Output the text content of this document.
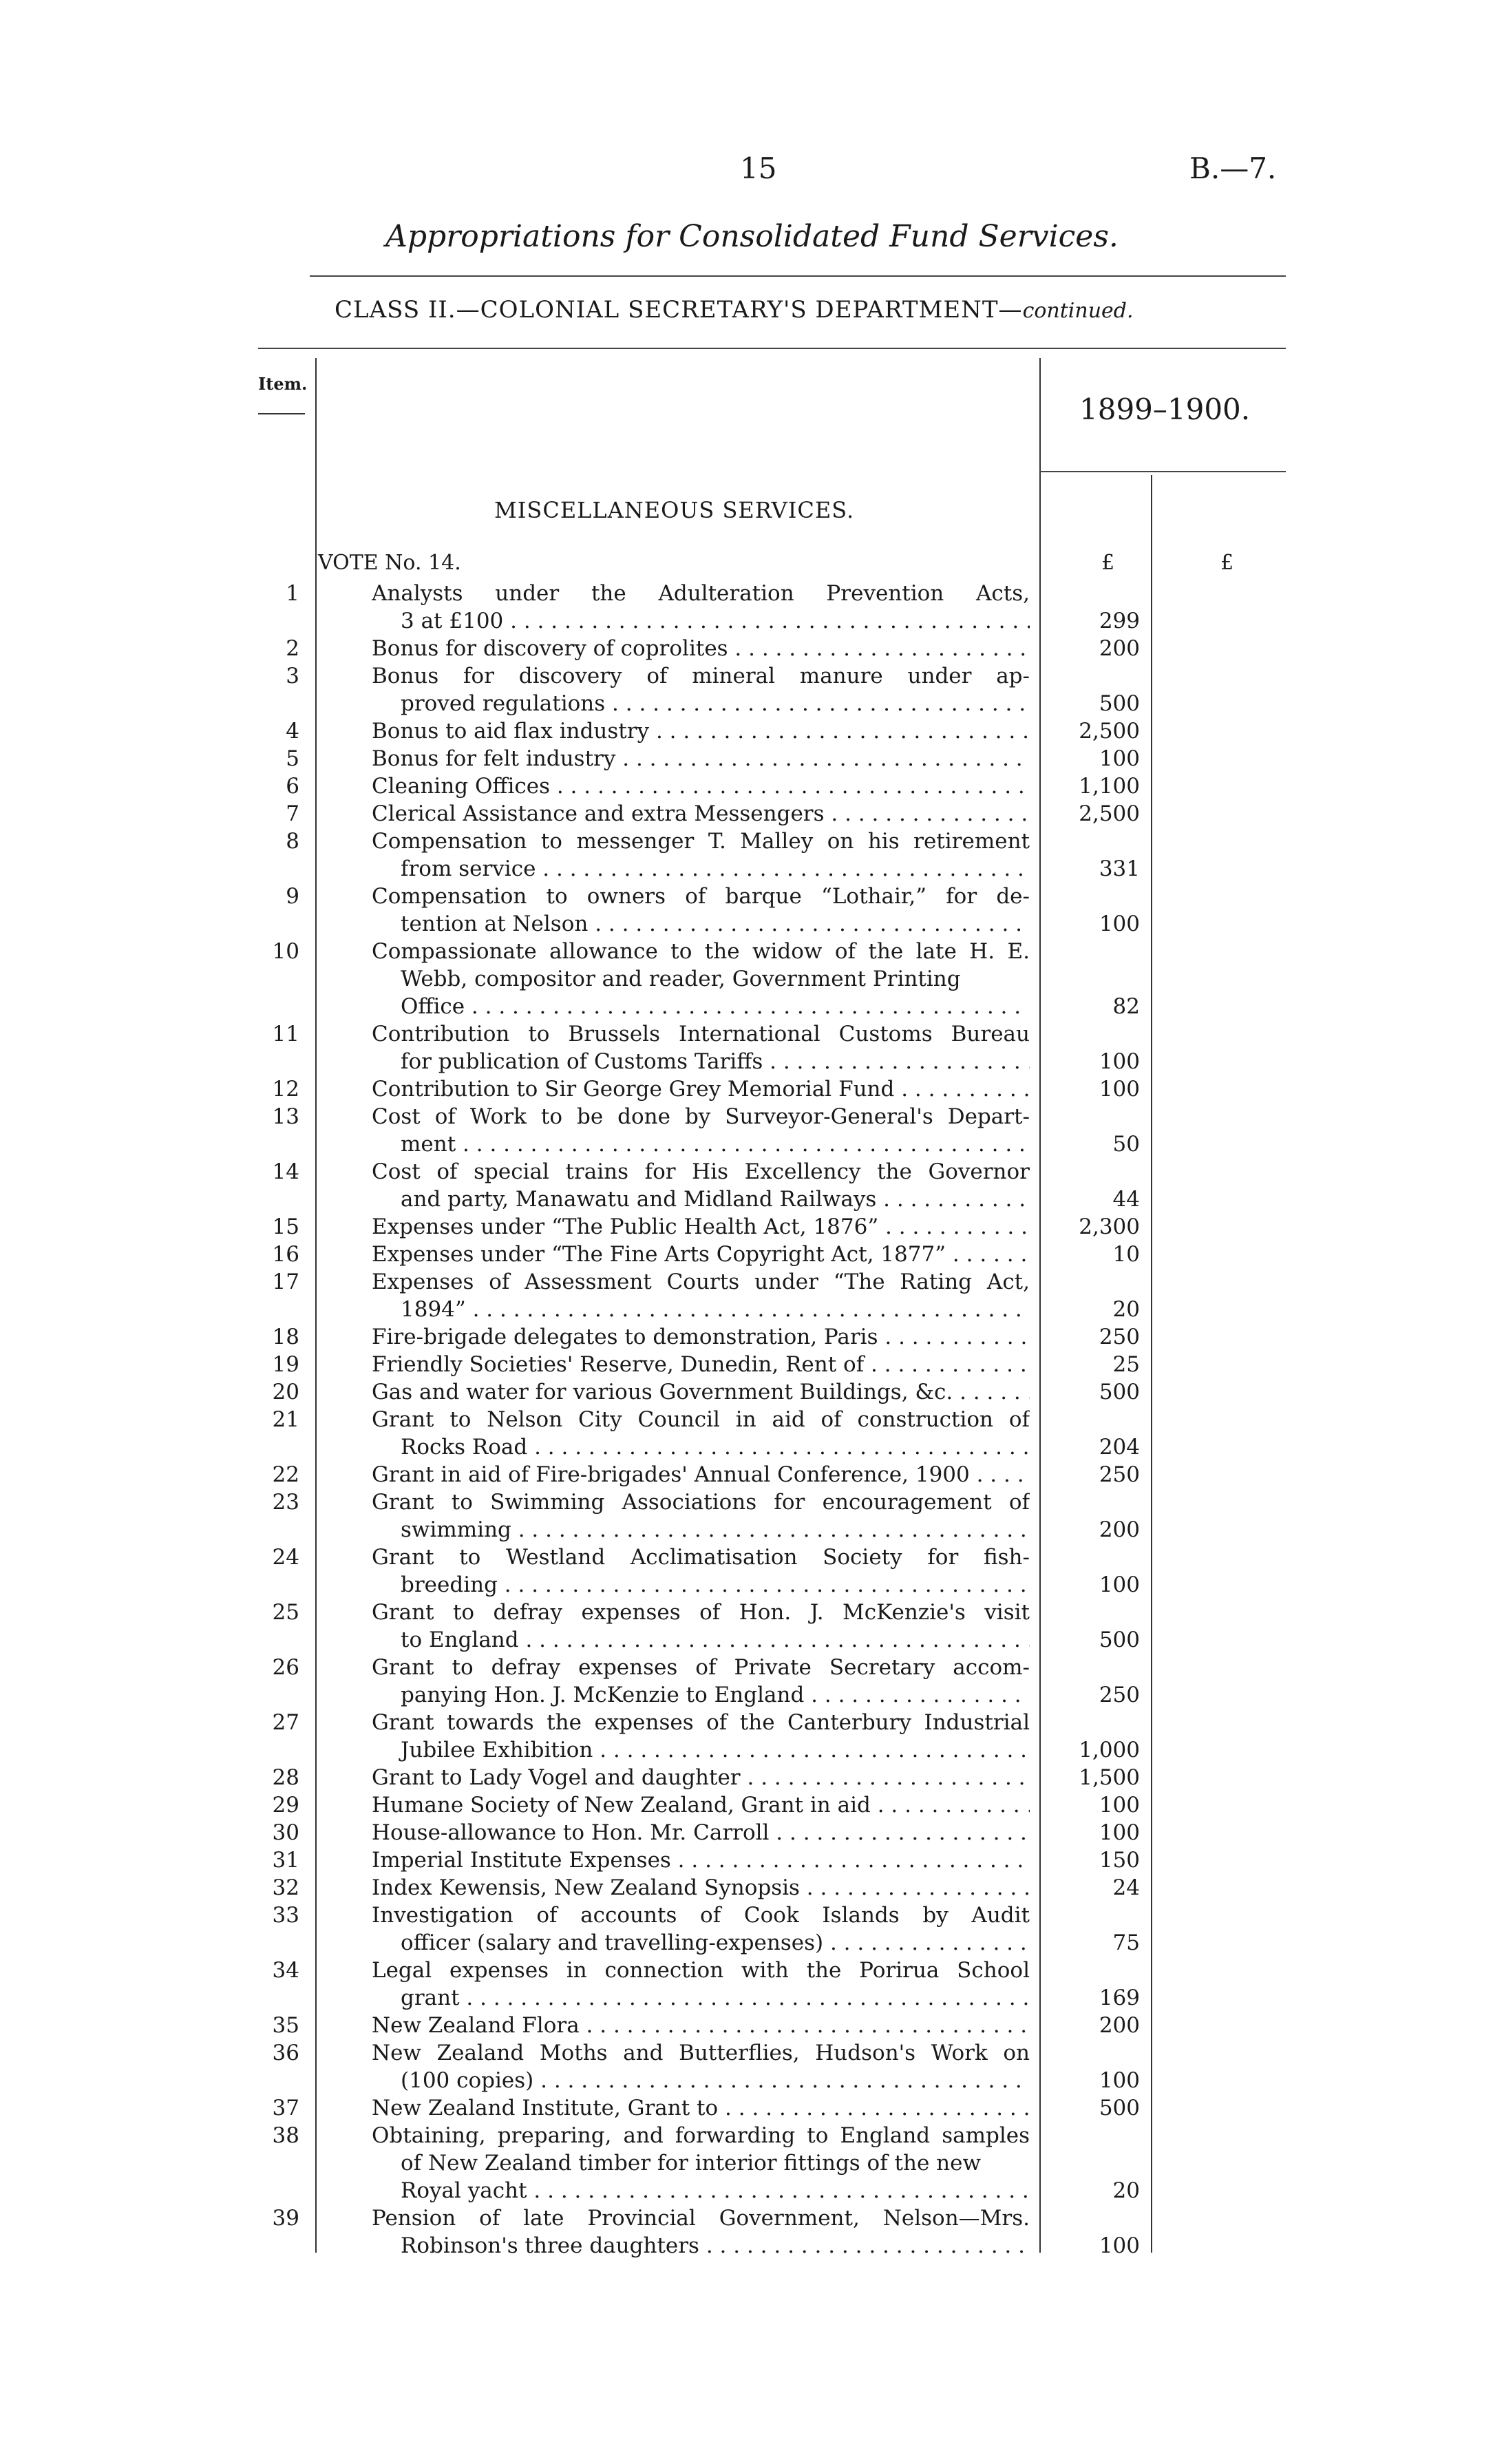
15	B.—7.
Appropriations for Consolidated Fund Services.
CLASS II.—COLONIAL SECRETARY'S DEPARTMENT—continued.
Item.
1899–1900.
MISCELLANEOUS SERVICES.
VOTE No. 14.	£	£
1	Analysts under the Adulteration Prevention Acts,
3 at £100 . . .	299
2	Bonus for discovery of coprolites . . .	200
3	Bonus for discovery of mineral manure under ap-
proved regulations . . .	500
4	Bonus to aid flax industry . . .	2,500
5	Bonus for felt industry . . .	100
6	Cleaning Offices . . .	1,100
7	Clerical Assistance and extra Messengers . . .	2,500
8	Compensation to messenger T. Malley on his retirement
from service . . .	331
9	Compensation to owners of barque “Lothair,” for de-
tention at Nelson . . .	100
10	Compassionate allowance to the widow of the late H. E.
Webb, compositor and reader, Government Printing
Office . . .	82
11	Contribution to Brussels International Customs Bureau
for publication of Customs Tariffs . . .	100
12	Contribution to Sir George Grey Memorial Fund . . .	100
13	Cost of Work to be done by Surveyor-General's Depart-
ment . . .	50
14	Cost of special trains for His Excellency the Governor
and party, Manawatu and Midland Railways . . .	44
15	Expenses under “The Public Health Act, 1876” . . .	2,300
16	Expenses under “The Fine Arts Copyright Act, 1877” . . .	10
17	Expenses of Assessment Courts under “The Rating Act,
1894” . . .	20
18	Fire-brigade delegates to demonstration, Paris . . .	250
19	Friendly Societies' Reserve, Dunedin, Rent of . . .	25
20	Gas and water for various Government Buildings, &c. . . .	500
21	Grant to Nelson City Council in aid of construction of
Rocks Road . . .	204
22	Grant in aid of Fire-brigades' Annual Conference, 1900 . . .	250
23	Grant to Swimming Associations for encouragement of
swimming . . .	200
24	Grant to Westland Acclimatisation Society for fish-
breeding . . .	100
25	Grant to defray expenses of Hon. J. McKenzie's visit
to England . . .	500
26	Grant to defray expenses of Private Secretary accom-
panying Hon. J. McKenzie to England . . .	250
27	Grant towards the expenses of the Canterbury Industrial
Jubilee Exhibition . . .	1,000
28	Grant to Lady Vogel and daughter . . .	1,500
29	Humane Society of New Zealand, Grant in aid . . .	100
30	House-allowance to Hon. Mr. Carroll . . .	100
31	Imperial Institute Expenses . . .	150
32	Index Kewensis, New Zealand Synopsis . . .	24
33	Investigation of accounts of Cook Islands by Audit
officer (salary and travelling-expenses) . . .	75
34	Legal expenses in connection with the Porirua School
grant . . .	169
35	New Zealand Flora . . .	200
36	New Zealand Moths and Butterflies, Hudson's Work on
(100 copies) . . .	100
37	New Zealand Institute, Grant to . . .	500
38	Obtaining, preparing, and forwarding to England samples
of New Zealand timber for interior fittings of the new
Royal yacht . . .	20
39	Pension of late Provincial Government, Nelson—Mrs.
Robinson's three daughters . . .	100
